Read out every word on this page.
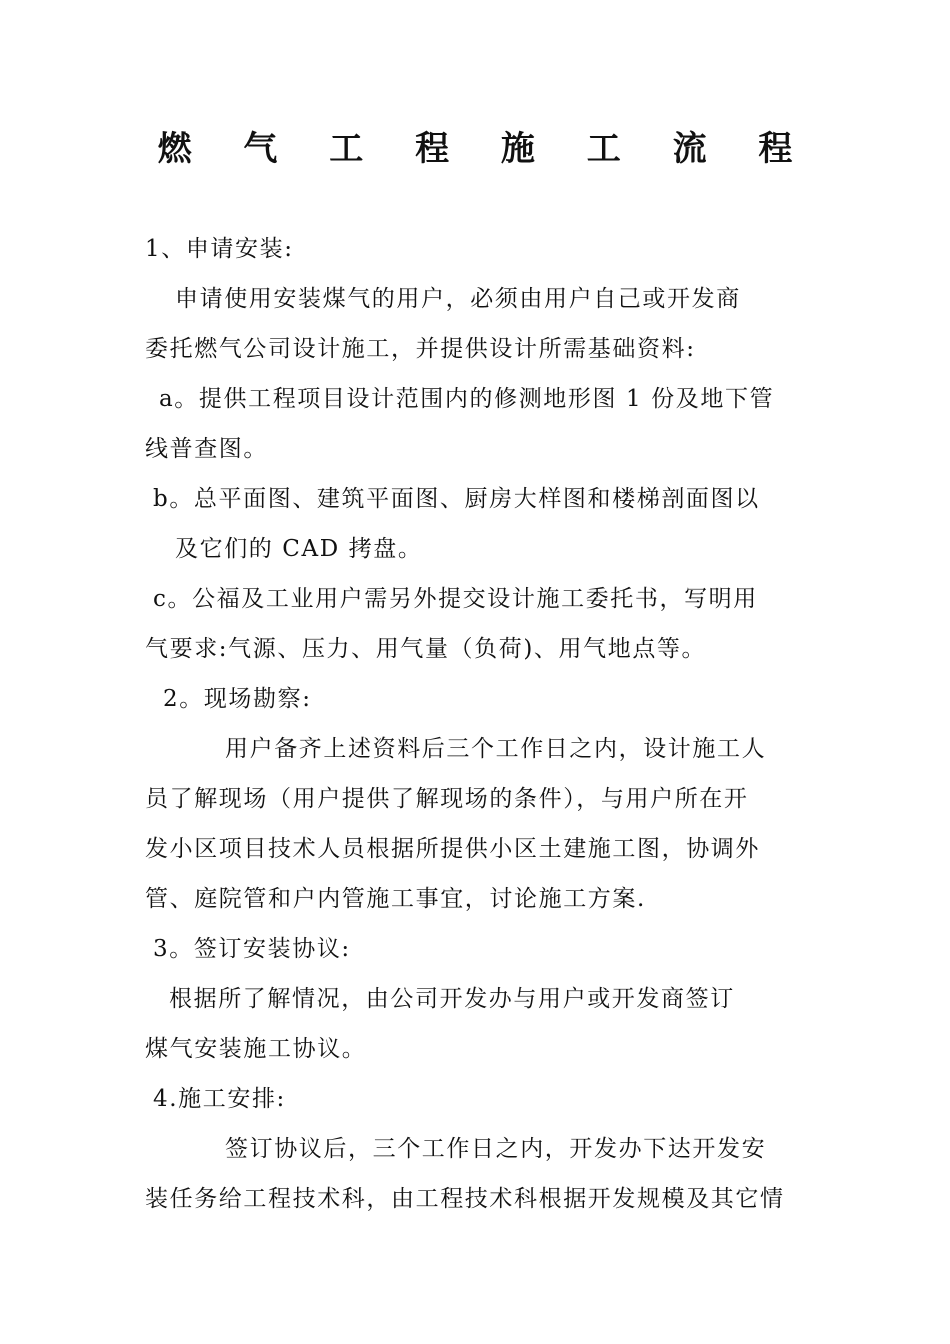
燃 气 工 程 施 工 流 程
1、申请安装:
申请使用安装煤气的用户，必须由用户自己或开发商
委托燃气公司设计施工，并提供设计所需基础资料:
a。提供工程项目设计范围内的修测地形图 1 份及地下管
线普查图。
b。总平面图、建筑平面图、厨房大样图和楼梯剖面图以
及它们的 CAD 拷盘。
c。公福及工业用户需另外提交设计施工委托书，写明用
气要求:气源、压力、用气量（负荷)、用气地点等。
2。现场勘察:
用户备齐上述资料后三个工作日之内，设计施工人
员了解现场（用户提供了解现场的条件），与用户所在开
发小区项目技术人员根据所提供小区土建施工图，协调外
管、庭院管和户内管施工事宜，讨论施工方案.
3。签订安装协议:
根据所了解情况，由公司开发办与用户或开发商签订
煤气安装施工协议。
4.施工安排:
签订协议后，三个工作日之内，开发办下达开发安
装任务给工程技术科，由工程技术科根据开发规模及其它情
